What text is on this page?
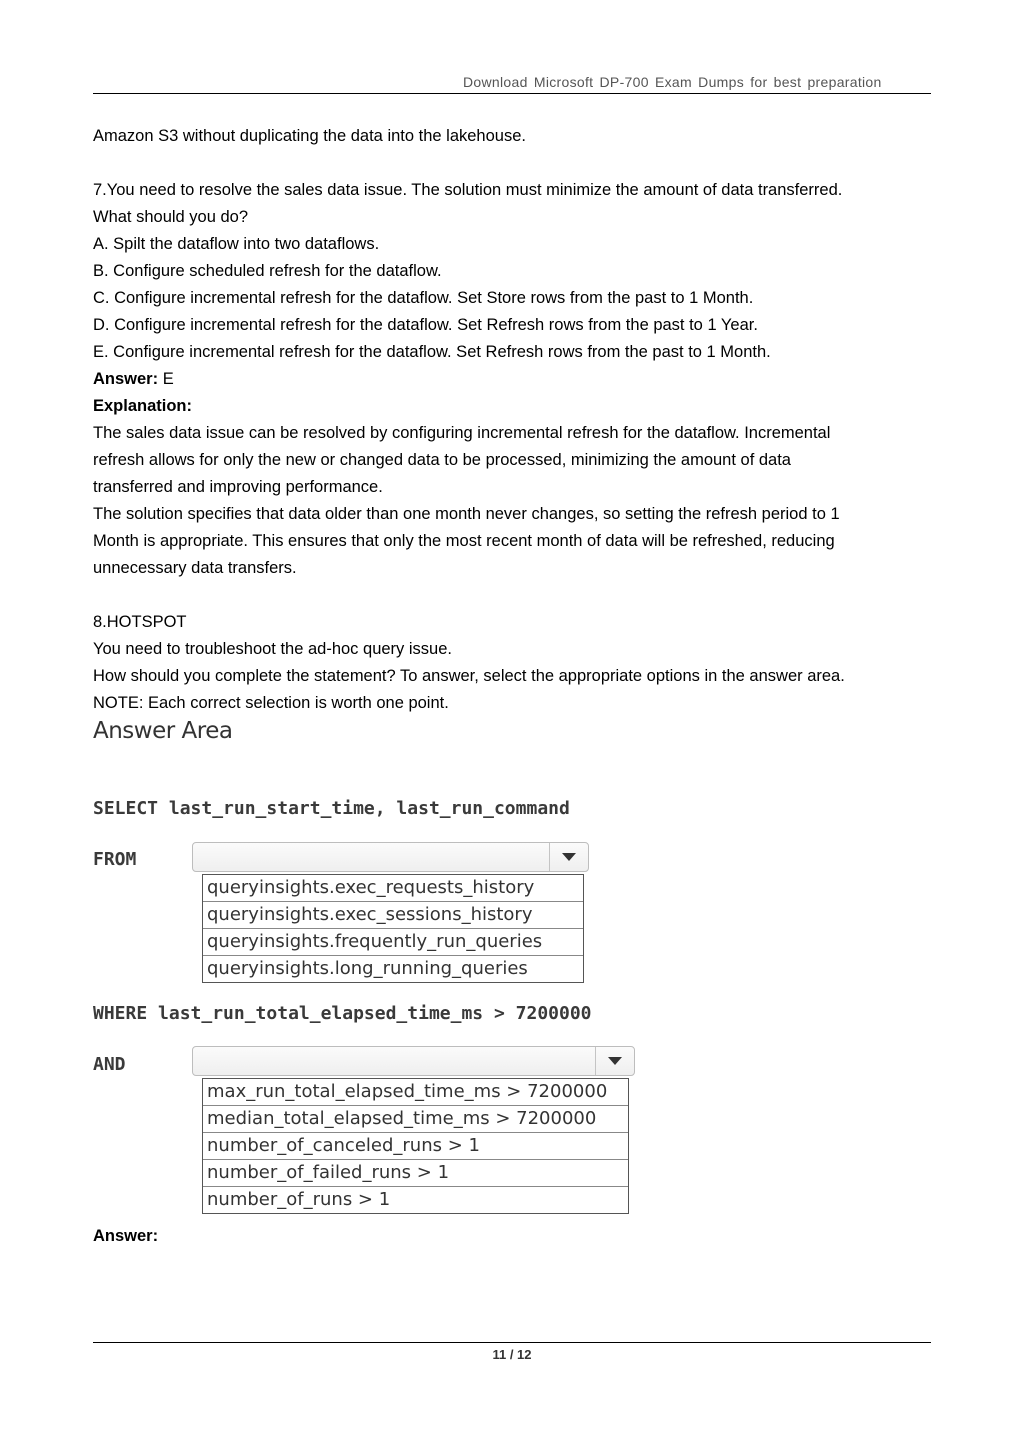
Download Microsoft DP-700 Exam Dumps for best preparation
Amazon S3 without duplicating the data into the lakehouse.
7.You need to resolve the sales data issue. The solution must minimize the amount of data transferred.
What should you do?
A. Spilt the dataflow into two dataflows.
B. Configure scheduled refresh for the dataflow.
C. Configure incremental refresh for the dataflow. Set Store rows from the past to 1 Month.
D. Configure incremental refresh for the dataflow. Set Refresh rows from the past to 1 Year.
E. Configure incremental refresh for the dataflow. Set Refresh rows from the past to 1 Month.
Answer: E
Explanation:
The sales data issue can be resolved by configuring incremental refresh for the dataflow. Incremental
refresh allows for only the new or changed data to be processed, minimizing the amount of data
transferred and improving performance.
The solution specifies that data older than one month never changes, so setting the refresh period to 1
Month is appropriate. This ensures that only the most recent month of data will be refreshed, reducing
unnecessary data transfers.
8.HOTSPOT
You need to troubleshoot the ad-hoc query issue.
How should you complete the statement? To answer, select the appropriate options in the answer area.
NOTE: Each correct selection is worth one point.
Answer Area
SELECT last_run_start_time, last_run_command
FROM
queryinsights.exec_requests_history
queryinsights.exec_sessions_history
queryinsights.frequently_run_queries
queryinsights.long_running_queries
WHERE last_run_total_elapsed_time_ms > 7200000
AND
max_run_total_elapsed_time_ms > 7200000
median_total_elapsed_time_ms > 7200000
number_of_canceled_runs > 1
number_of_failed_runs > 1
number_of_runs > 1
Answer:
11 / 12
